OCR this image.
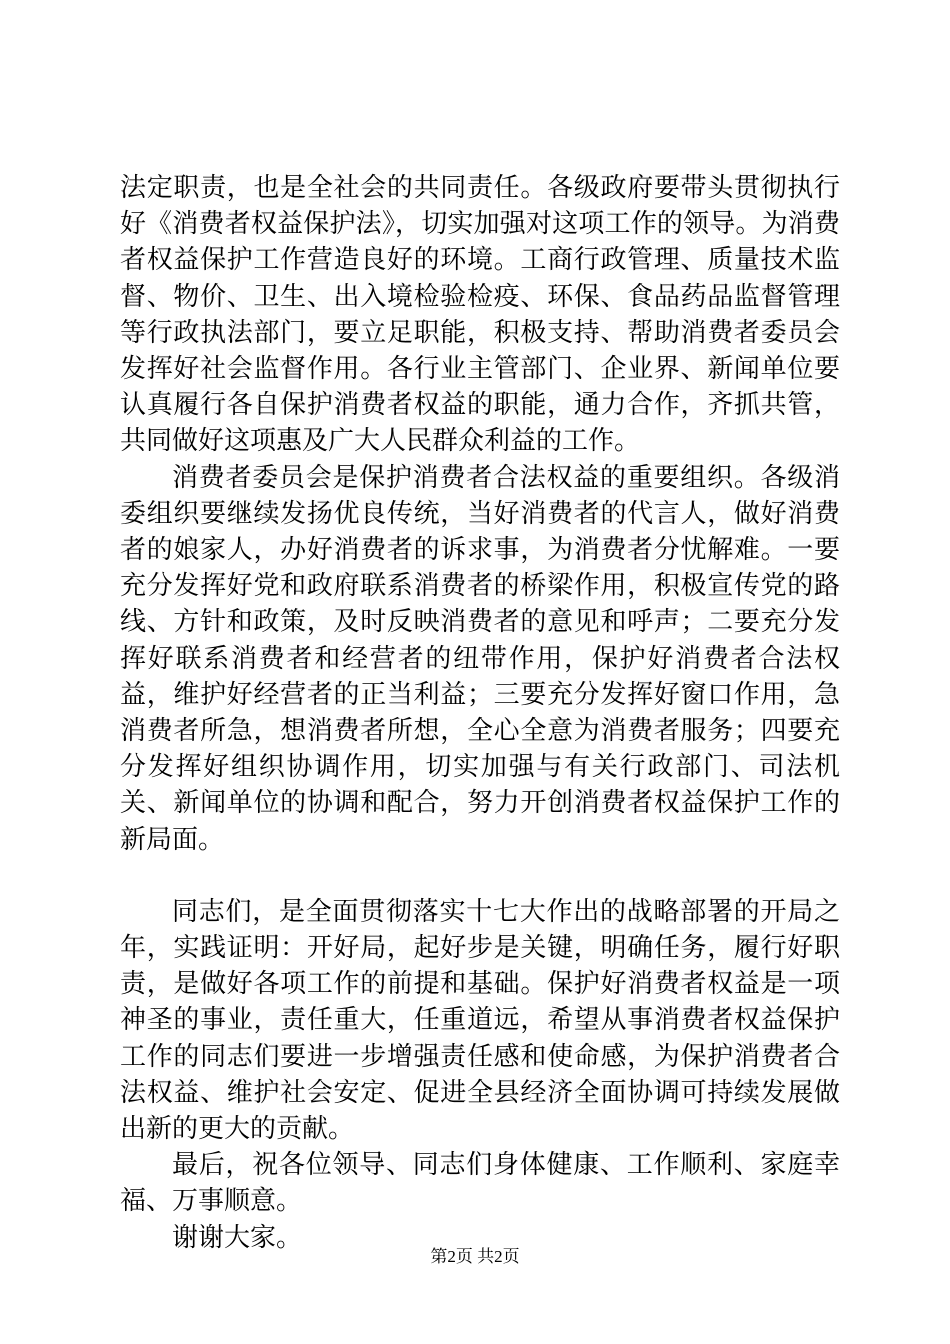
法定职责，也是全社会的共同责任。各级政府要带头贯彻执行好《消费者权益保护法》，切实加强对这项工作的领导。为消费者权益保护工作营造良好的环境。工商行政管理、质量技术监督、物价、卫生、出入境检验检疫、环保、食品药品监督管理等行政执法部门，要立足职能，积极支持、帮助消费者委员会发挥好社会监督作用。各行业主管部门、企业界、新闻单位要认真履行各自保护消费者权益的职能，通力合作，齐抓共管，共同做好这项惠及广大人民群众利益的工作。

消费者委员会是保护消费者合法权益的重要组织。各级消委组织要继续发扬优良传统，当好消费者的代言人，做好消费者的娘家人，办好消费者的诉求事，为消费者分忧解难。一要充分发挥好党和政府联系消费者的桥梁作用，积极宣传党的路线、方针和政策，及时反映消费者的意见和呼声；二要充分发挥好联系消费者和经营者的纽带作用，保护好消费者合法权益，维护好经营者的正当利益；三要充分发挥好窗口作用，急消费者所急，想消费者所想，全心全意为消费者服务；四要充分发挥好组织协调作用，切实加强与有关行政部门、司法机关、新闻单位的协调和配合，努力开创消费者权益保护工作的新局面。

同志们，是全面贯彻落实十七大作出的战略部署的开局之年，实践证明：开好局，起好步是关键，明确任务，履行好职责，是做好各项工作的前提和基础。保护好消费者权益是一项神圣的事业，责任重大，任重道远，希望从事消费者权益保护工作的同志们要进一步增强责任感和使命感，为保护消费者合法权益、维护社会安定、促进全县经济全面协调可持续发展做出新的更大的贡献。

最后，祝各位领导、同志们身体健康、工作顺利、家庭幸福、万事顺意。

谢谢大家。

第2页 共2页
